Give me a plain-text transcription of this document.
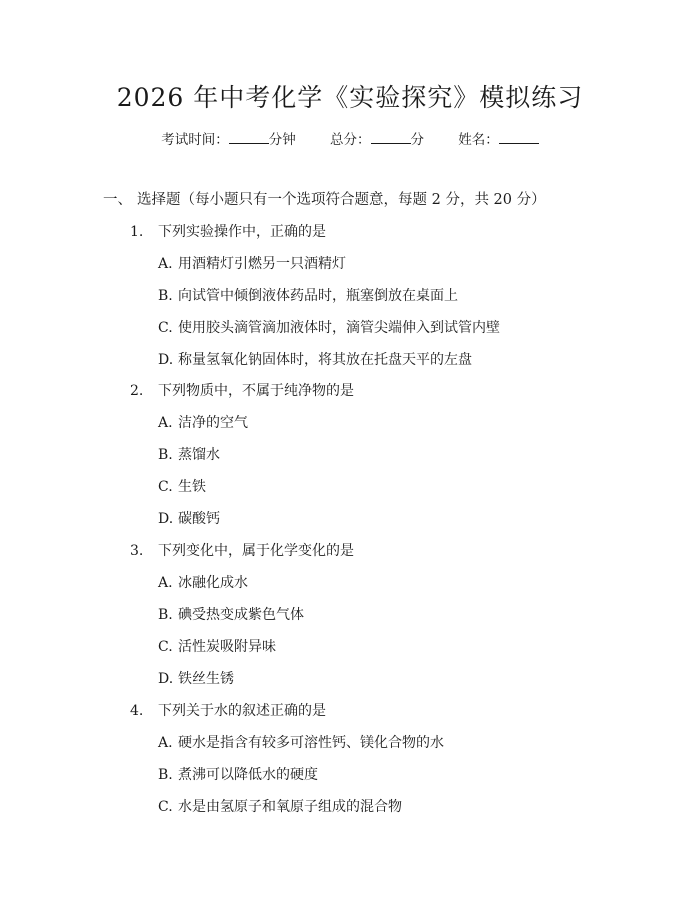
2026 年中考化学《实验探究》模拟练习
考试时间：	分钟	总分：	分	姓名：
一、 选择题（每小题只有一个选项符合题意，每题 2 分，共 20 分）
1.	下列实验操作中，正确的是
A. 用酒精灯引燃另一只酒精灯
B. 向试管中倾倒液体药品时，瓶塞倒放在桌面上
C. 使用胶头滴管滴加液体时，滴管尖端伸入到试管内壁
D. 称量氢氧化钠固体时，将其放在托盘天平的左盘
2.	下列物质中，不属于纯净物的是
A. 洁净的空气
B. 蒸馏水
C. 生铁
D. 碳酸钙
3.	下列变化中，属于化学变化的是
A. 冰融化成水
B. 碘受热变成紫色气体
C. 活性炭吸附异味
D. 铁丝生锈
4.	下列关于水的叙述正确的是
A. 硬水是指含有较多可溶性钙、镁化合物的水
B. 煮沸可以降低水的硬度
C. 水是由氢原子和氧原子组成的混合物
